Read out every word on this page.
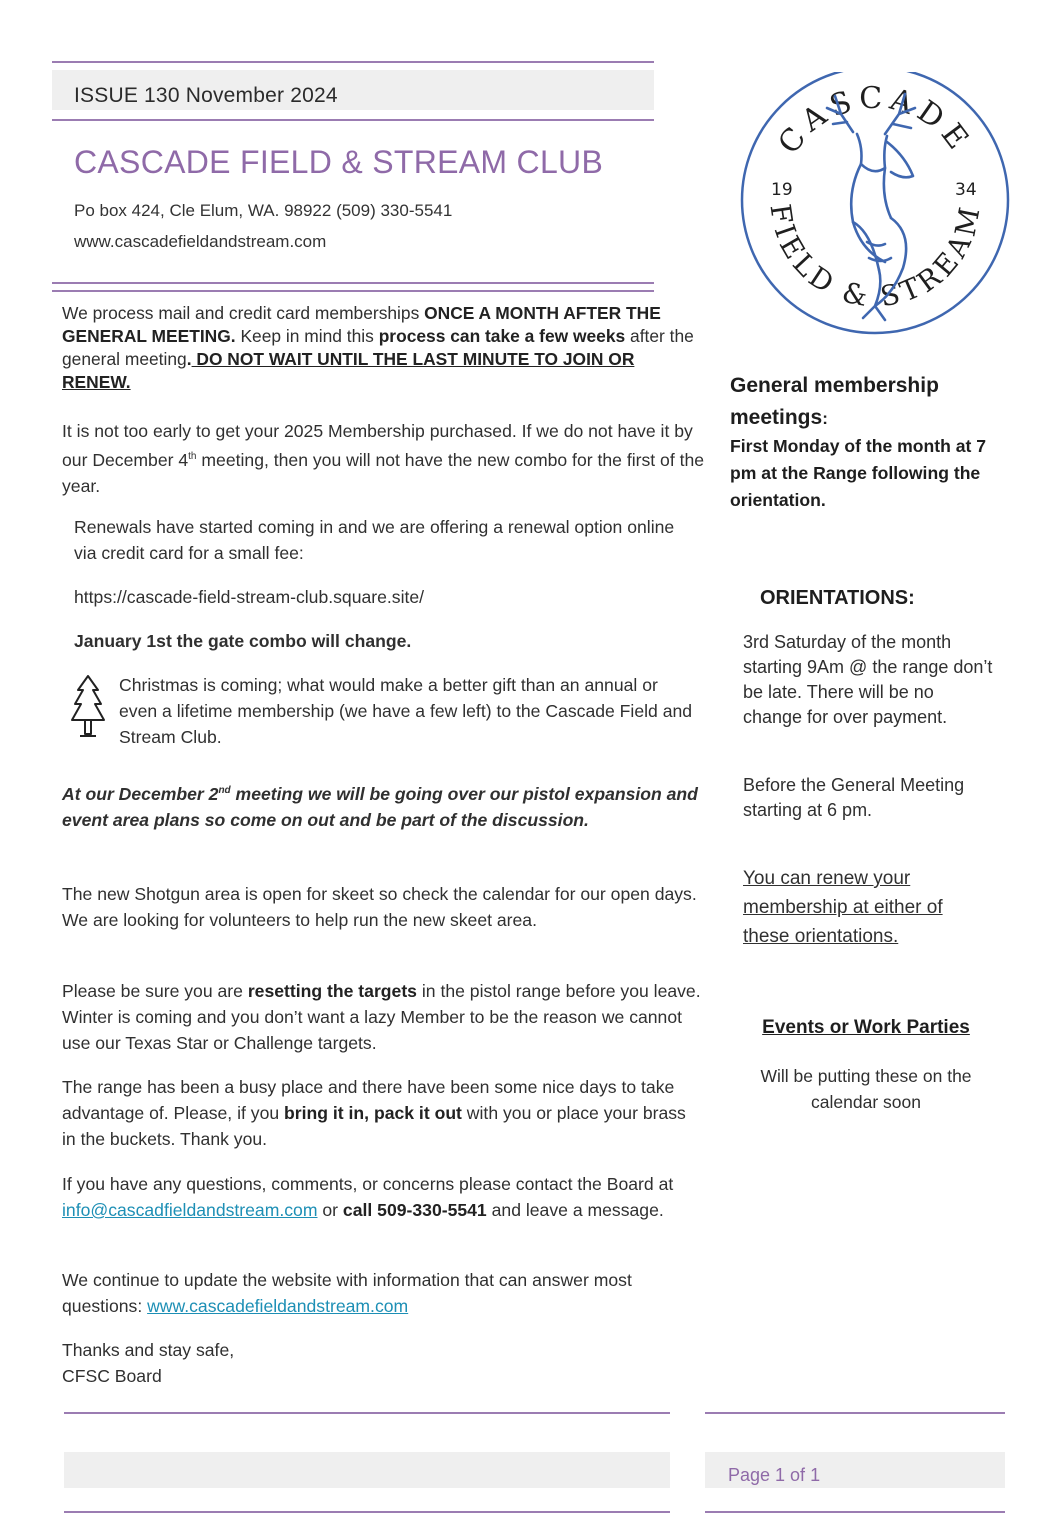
ISSUE 130 November 2024
CASCADE FIELD & STREAM CLUB
Po box 424, Cle Elum, WA. 98922 (509) 330-5541
www.cascadefieldandstream.com
CASCADE
FIELD & STREAM
19	34
We process mail and credit card memberships ONCE A MONTH AFTER THE GENERAL MEETING. Keep in mind this process can take a few weeks after the general meeting. DO NOT WAIT UNTIL THE LAST MINUTE TO JOIN OR RENEW.
It is not too early to get your 2025 Membership purchased. If we do not have it by our December 4th meeting, then you will not have the new combo for the first of the year.
Renewals have started coming in and we are offering a renewal option online via credit card for a small fee:
https://cascade-field-stream-club.square.site/
January 1st the gate combo will change.
Christmas is coming; what would make a better gift than an annual or even a lifetime membership (we have a few left) to the Cascade Field and Stream Club.
At our December 2nd meeting we will be going over our pistol expansion and event area plans so come on out and be part of the discussion.
The new Shotgun area is open for skeet so check the calendar for our open days. We are looking for volunteers to help run the new skeet area.
Please be sure you are resetting the targets in the pistol range before you leave. Winter is coming and you don’t want a lazy Member to be the reason we cannot use our Texas Star or Challenge targets.
The range has been a busy place and there have been some nice days to take advantage of. Please, if you bring it in, pack it out with you or place your brass in the buckets. Thank you.
If you have any questions, comments, or concerns please contact the Board at info@cascadfieldandstream.com or call 509-330-5541 and leave a message.
We continue to update the website with information that can answer most questions: www.cascadefieldandstream.com
Thanks and stay safe,
CFSC Board
General membership
meetings:
First Monday of the month at 7 pm at the Range following the orientation.
ORIENTATIONS:
3rd Saturday of the month starting 9Am @ the range don’t be late. There will be no change for over payment.
Before the General Meeting starting at 6 pm.
You can renew your membership at either of these orientations.
Events or Work Parties
Will be putting these on the calendar soon
Page 1 of 1
